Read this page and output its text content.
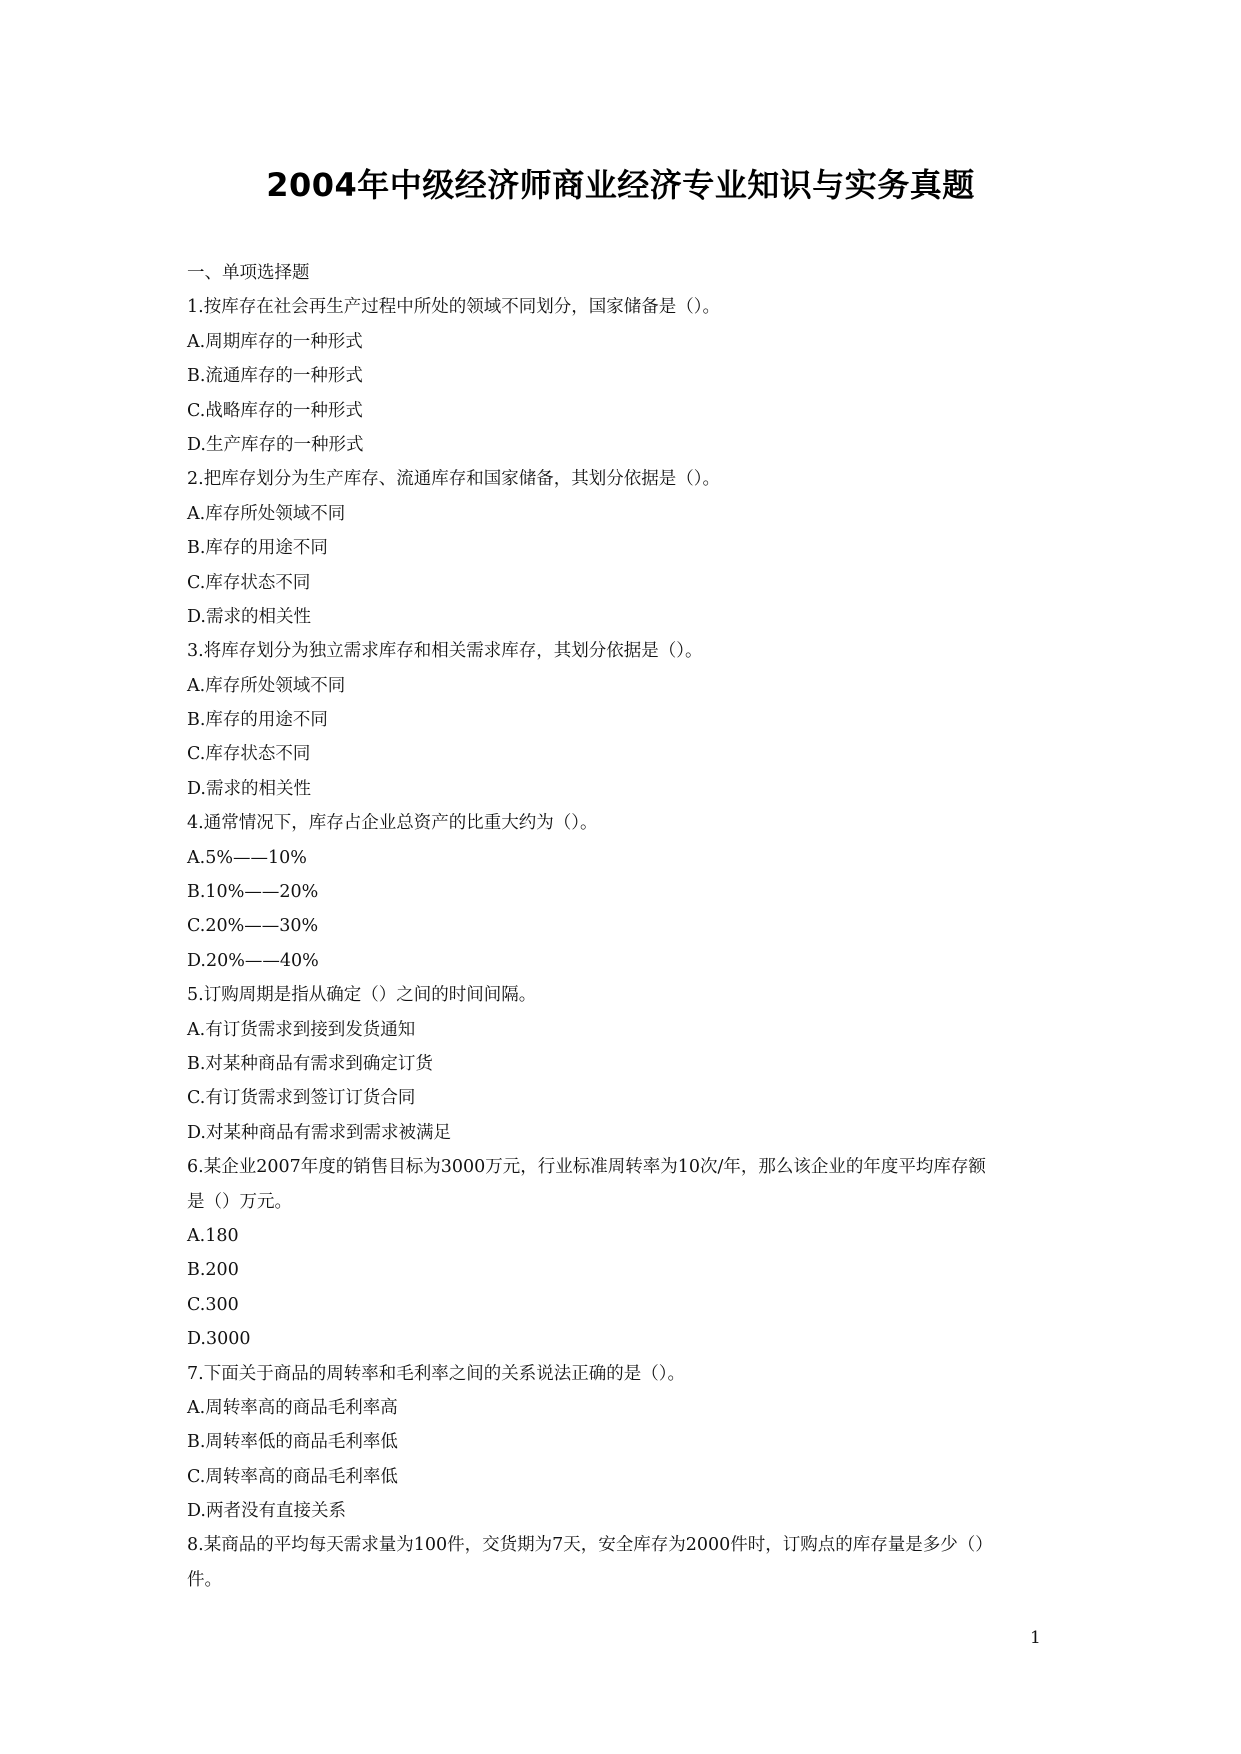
2004年中级经济师商业经济专业知识与实务真题
一、单项选择题
1.按库存在社会再生产过程中所处的领域不同划分，国家储备是（）。
A.周期库存的一种形式
B.流通库存的一种形式
C.战略库存的一种形式
D.生产库存的一种形式
2.把库存划分为生产库存、流通库存和国家储备，其划分依据是（）。
A.库存所处领域不同
B.库存的用途不同
C.库存状态不同
D.需求的相关性
3.将库存划分为独立需求库存和相关需求库存，其划分依据是（）。
A.库存所处领域不同
B.库存的用途不同
C.库存状态不同
D.需求的相关性
4.通常情况下，库存占企业总资产的比重大约为（）。
A.5%——10%
B.10%——20%
C.20%——30%
D.20%——40%
5.订购周期是指从确定（）之间的时间间隔。
A.有订货需求到接到发货通知
B.对某种商品有需求到确定订货
C.有订货需求到签订订货合同
D.对某种商品有需求到需求被满足
6.某企业2007年度的销售目标为3000万元，行业标准周转率为10次/年，那么该企业的年度平均库存额
是（）万元。
A.180
B.200
C.300
D.3000
7.下面关于商品的周转率和毛利率之间的关系说法正确的是（）。
A.周转率高的商品毛利率高
B.周转率低的商品毛利率低
C.周转率高的商品毛利率低
D.两者没有直接关系
8.某商品的平均每天需求量为100件，交货期为7天，安全库存为2000件时，订购点的库存量是多少（）
件。
1
